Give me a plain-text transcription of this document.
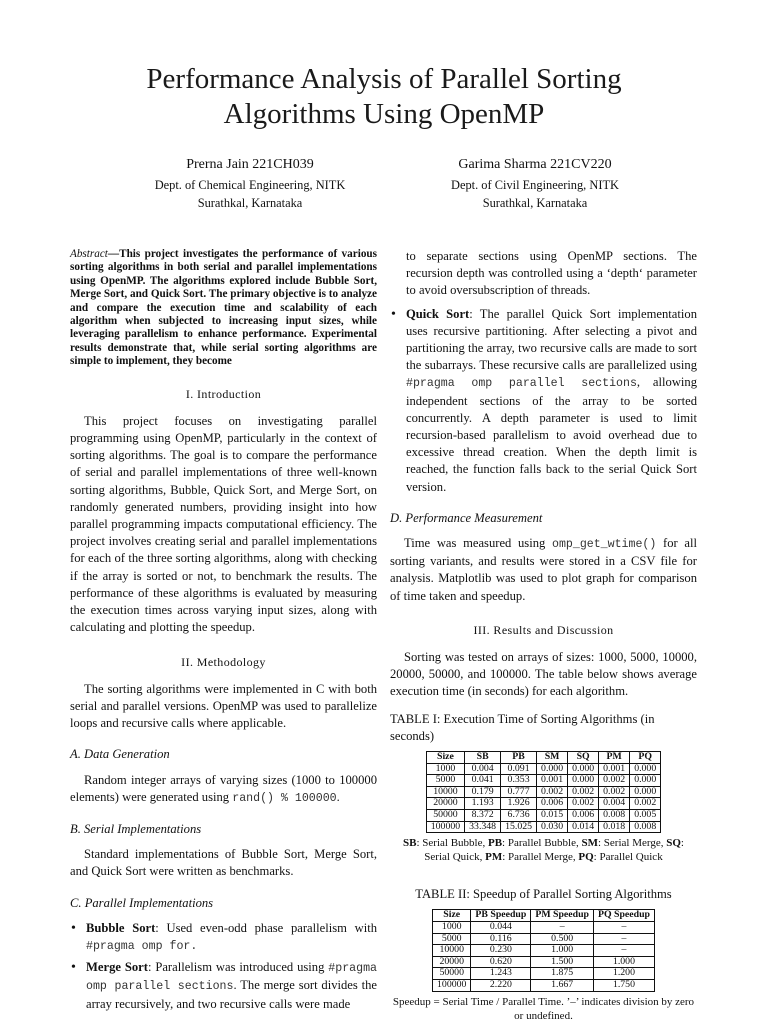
Performance Analysis of Parallel Sorting
Algorithms Using OpenMP
Prerna Jain 221CH039
Dept. of Chemical Engineering, NITK
Surathkal, Karnataka
Garima Sharma 221CV220
Dept. of Civil Engineering, NITK
Surathkal, Karnataka
Abstract—This project investigates the performance of various sorting algorithms in both serial and parallel implementations using OpenMP. The algorithms explored include Bubble Sort, Merge Sort, and Quick Sort. The primary objective is to analyze and compare the execution time and scalability of each algorithm when subjected to increasing input sizes, while leveraging parallelism to enhance performance. Experimental results demonstrate that, while serial sorting algorithms are simple to implement, they become
I. Introduction

This project focuses on investigating parallel programming using OpenMP, particularly in the context of sorting algorithms. The goal is to compare the performance of serial and parallel implementations of three well-known sorting algorithms, Bubble, Quick Sort, and Merge Sort, on randomly generated numbers, providing insight into how parallel programming impacts computational efficiency. The project involves creating serial and parallel implementations for each of the three sorting algorithms, along with checking if the array is sorted or not, to benchmark the results. The performance of these algorithms is evaluated by measuring the execution times across varying input sizes, along with calculating and plotting the speedup.

II. Methodology

The sorting algorithms were implemented in C with both serial and parallel versions. OpenMP was used to parallelize loops and recursive calls where applicable.

A. Data Generation

Random integer arrays of varying sizes (1000 to 100000 elements) were generated using rand() % 100000.

B. Serial Implementations

Standard implementations of Bubble Sort, Merge Sort, and Quick Sort were written as benchmarks.

C. Parallel Implementations
• Bubble Sort: Used even-odd phase parallelism with #pragma omp for.
• Merge Sort: Parallelism was introduced using #pragma omp parallel sections. The merge sort divides the array recursively, and two recursive calls were made
to separate sections using OpenMP sections. The recursion depth was controlled using a ‘depth‘ parameter to avoid oversubscription of threads.
• Quick Sort: The parallel Quick Sort implementation uses recursive partitioning. After selecting a pivot and partitioning the array, two recursive calls are made to sort the subarrays. These recursive calls are parallelized using #pragma omp parallel sections, allowing independent sections of the array to be sorted concurrently. A depth parameter is used to limit recursion-based parallelism to avoid overhead due to excessive thread creation. When the depth limit is reached, the function falls back to the serial Quick Sort version.
D. Performance Measurement

Time was measured using omp_get_wtime() for all sorting variants, and results were stored in a CSV file for analysis. Matplotlib was used to plot graph for comparison of time taken and speedup.

III. Results and Discussion

Sorting was tested on arrays of sizes: 1000, 5000, 10000, 20000, 50000, and 100000. The table below shows average execution time (in seconds) for each algorithm.

TABLE I: Execution Time of Sorting Algorithms (in seconds)
Size	SB	PB	SM	SQ	PM	PQ
1000	0.004	0.091	0.000	0.000	0.001	0.000
5000	0.041	0.353	0.001	0.000	0.002	0.000
10000	0.179	0.777	0.002	0.002	0.002	0.000
20000	1.193	1.926	0.006	0.002	0.004	0.002
50000	8.372	6.736	0.015	0.006	0.008	0.005
100000	33.348	15.025	0.030	0.014	0.018	0.008
SB: Serial Bubble, PB: Parallel Bubble, SM: Serial Merge, SQ: Serial Quick, PM: Parallel Merge, PQ: Parallel Quick
TABLE II: Speedup of Parallel Sorting Algorithms
Size	PB Speedup	PM Speedup	PQ Speedup
1000	0.044	–	–
5000	0.116	0.500	–
10000	0.230	1.000	–
20000	0.620	1.500	1.000
50000	1.243	1.875	1.200
100000	2.220	1.667	1.750
Speedup = Serial Time / Parallel Time. ’–’ indicates division by zero or undefined.
